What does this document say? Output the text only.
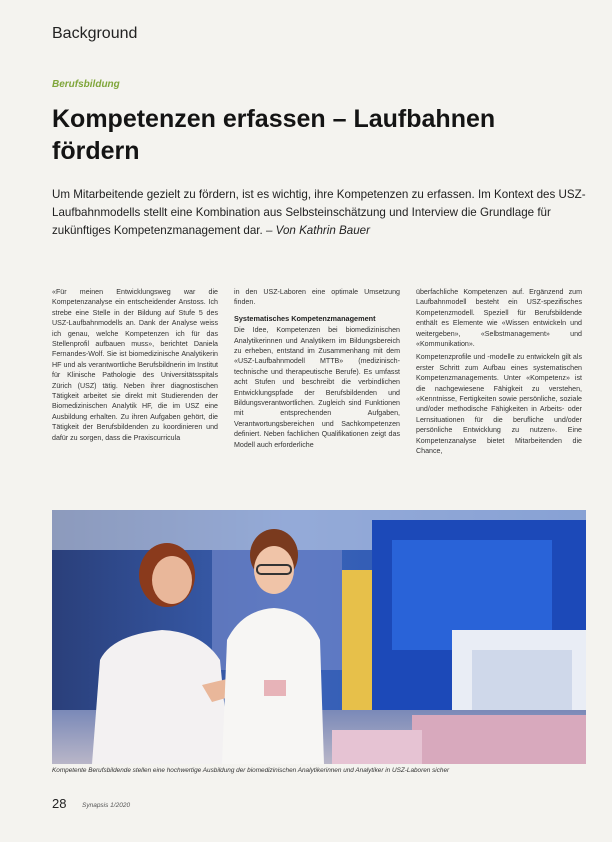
Background
Berufsbildung
Kompetenzen erfassen – Laufbahnen fördern

Um Mitarbeitende gezielt zu fördern, ist es wichtig, ihre Kompetenzen zu erfassen. Im Kontext des USZ-Laufbahnmodells stellt eine Kombination aus Selbsteinschätzung und Interview die Grundlage für zukünftiges Kompetenzmanagement dar. – Von Kathrin Bauer

«Für meinen Entwicklungsweg war die Kompetenzanalyse ein entscheidender Anstoss. Ich strebe eine Stelle in der Bildung auf Stufe 5 des USZ-Laufbahnmodells an. Dank der Analyse weiss ich genau, welche Kompetenzen ich für das Stellenprofil aufbauen muss», berichtet Daniela Fernandes-Wolf. Sie ist biomedizinische Analytikerin HF und als verantwortliche Berufsbildnerin im Institut für Klinische Pathologie des Universitätsspitals Zürich (USZ) tätig. Neben ihrer diagnostischen Tätigkeit arbeitet sie direkt mit Studierenden der Biomedizinischen Analytik HF, die im USZ eine Ausbildung erhalten. Zu ihren Aufgaben gehört, die Tätigkeit der Berufsbildenden zu koordinieren und dafür zu sorgen, dass die Praxiscurricula

in den USZ-Laboren eine optimale Umsetzung finden.

Systematisches Kompetenzmanagement

Die Idee, Kompetenzen bei biomedizinischen Analytikerinnen und Analytikern im Bildungsbereich zu erheben, entstand im Zusammenhang mit dem «USZ-Laufbahnmodell MTTB» (medizinisch-technische und therapeutische Berufe). Es umfasst acht Stufen und beschreibt die verbindlichen Entwicklungspfade der Berufsbildenden und Bildungsverantwortlichen. Zugleich sind Funktionen mit entsprechenden Aufgaben, Verantwortungsbereichen und Sachkompetenzen definiert. Neben fachlichen Qualifikationen zeigt das Modell auch erforderliche

überfachliche Kompetenzen auf. Ergänzend zum Laufbahnmodell besteht ein USZ-spezifisches Kompetenzmodell. Speziell für Berufsbildende enthält es Elemente wie «Wissen entwickeln und weitergeben», «Selbstmanagement» und «Kommunikation».

Kompetenzprofile und -modelle zu entwickeln gilt als erster Schritt zum Aufbau eines systematischen Kompetenzmanagements. Unter «Kompetenz» ist die nachgewiesene Fähigkeit zu verstehen, «Kenntnisse, Fertigkeiten sowie persönliche, soziale und/oder methodische Fähigkeiten in Arbeits- oder Lernsituationen für die berufliche und/oder persönliche Entwicklung zu nutzen». Eine Kompetenzanalyse bietet Mitarbeitenden die Chance,

Kompetente Berufsbildende stellen eine hochwertige Ausbildung der biomedizinischen Analytikerinnen und Analytiker in USZ-Laboren sicher
28 Synapsis 1/2020
